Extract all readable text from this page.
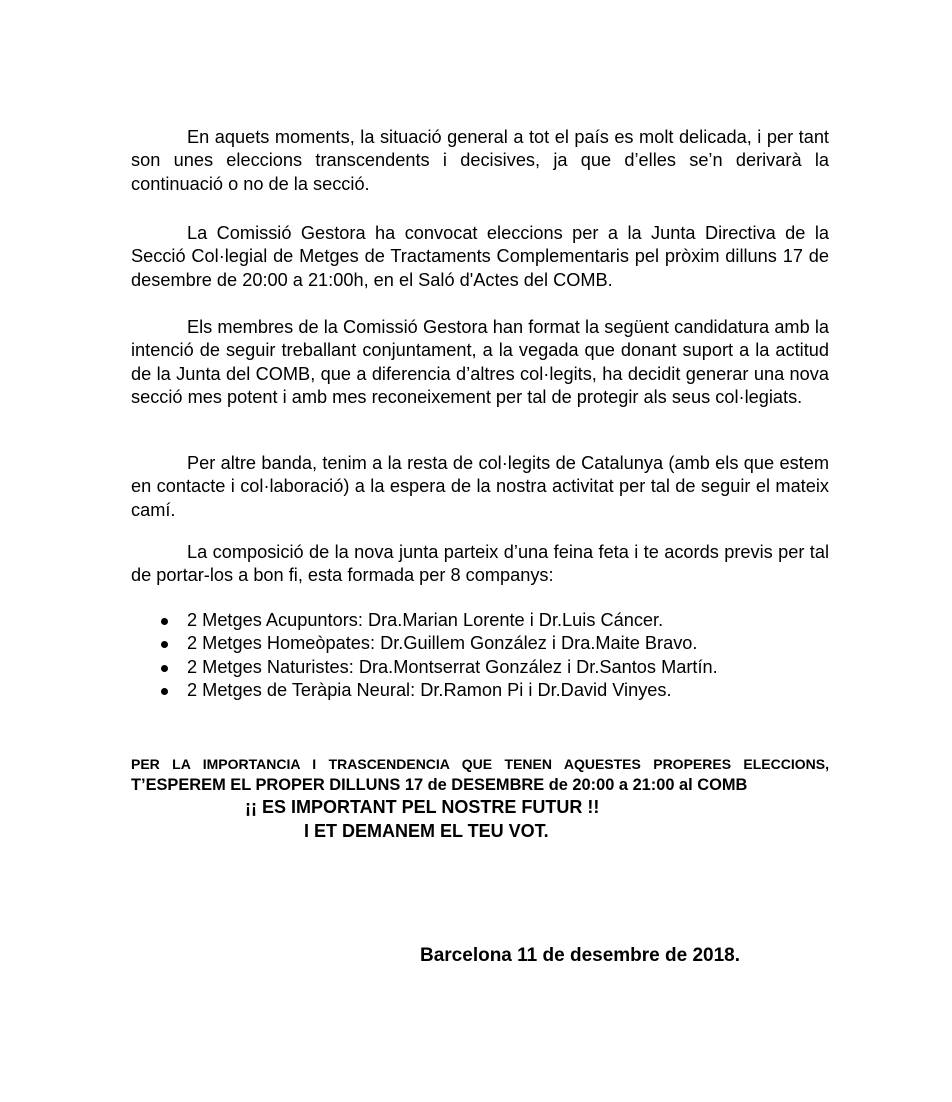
En aquets moments, la situació general a tot el país es molt delicada, i per tant son unes eleccions transcendents i decisives, ja que d’elles se’n derivarà la continuació o no de la secció.

La Comissió Gestora ha convocat eleccions per a la Junta Directiva de la Secció Col·legial de Metges de Tractaments Complementaris pel pròxim dilluns 17 de desembre de 20:00 a 21:00h, en el Saló d'Actes del COMB.

Els membres de la Comissió Gestora han format la següent candidatura amb la intenció de seguir treballant conjuntament, a la vegada que donant suport a la actitud de la Junta del COMB, que a diferencia d’altres col·legits, ha decidit generar una nova secció mes potent i amb mes reconeixement per tal de protegir als seus col·legiats.

Per altre banda, tenim a la resta de col·legits de Catalunya (amb els que estem en contacte i col·laboració) a la espera de la nostra activitat per tal de seguir el mateix camí.

La composició de la nova junta parteix d’una feina feta i te acords previs per tal de portar-los a bon fi, esta formada per 8 companys:

2 Metges Acupuntors: Dra.Marian Lorente i Dr.Luis Cáncer.
2 Metges Homeòpates: Dr.Guillem González i Dra.Maite Bravo.
2 Metges Naturistes: Dra.Montserrat González i Dr.Santos Martín.
2 Metges de Teràpia Neural: Dr.Ramon Pi i Dr.David Vinyes.

PER LA IMPORTANCIA I TRASCENDENCIA QUE TENEN AQUESTES PROPERES ELECCIONS,

T’ESPEREM EL PROPER DILLUNS 17 de DESEMBRE de 20:00 a 21:00 al COMB

¡¡ ES IMPORTANT PEL NOSTRE FUTUR !!

I ET DEMANEM EL TEU VOT.

Barcelona 11 de desembre de 2018.
